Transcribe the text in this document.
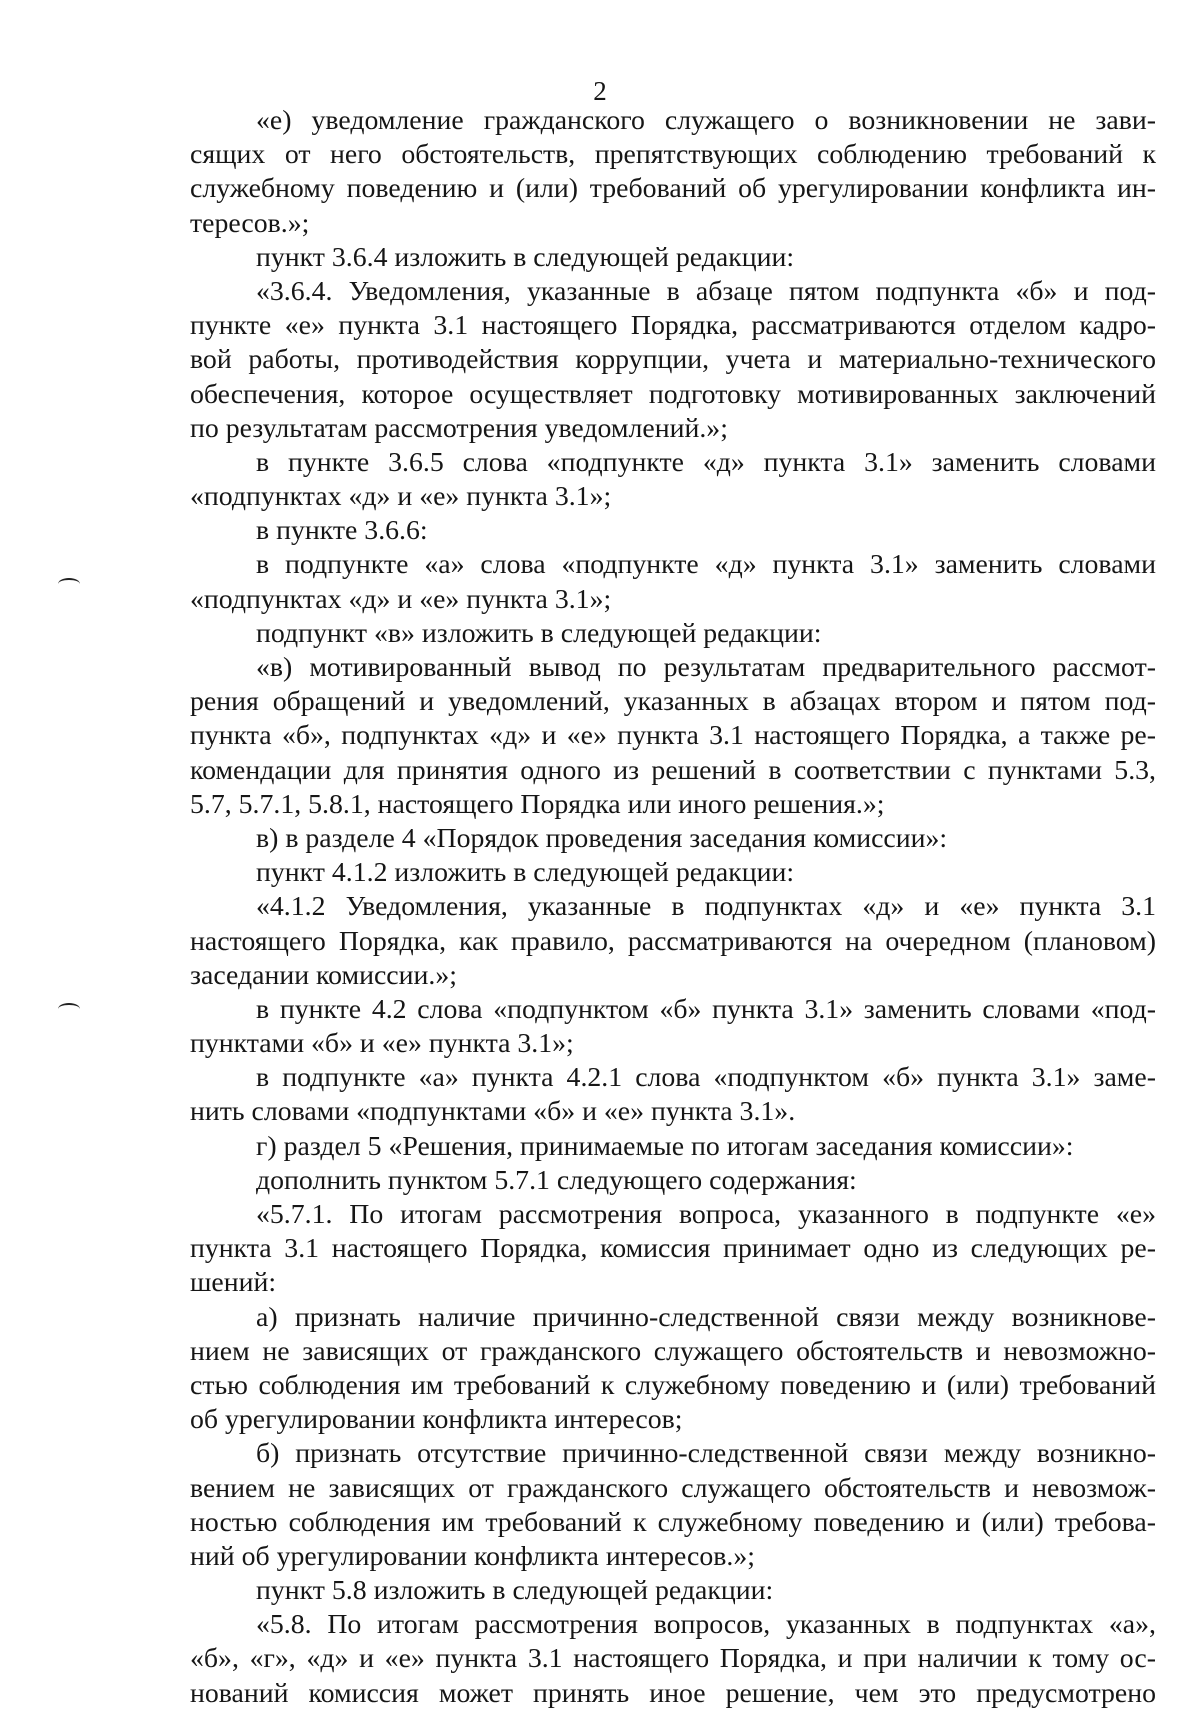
2
«е) уведомление гражданского служащего о возникновении не зави-
сящих от него обстоятельств, препятствующих соблюдению требований к
служебному поведению и (или) требований об урегулировании конфликта ин-
тересов.»;
пункт 3.6.4 изложить в следующей редакции:
«3.6.4. Уведомления, указанные в абзаце пятом подпункта «б» и под-
пункте «е» пункта 3.1 настоящего Порядка, рассматриваются отделом кадро-
вой работы, противодействия коррупции, учета и материально-технического
обеспечения, которое осуществляет подготовку мотивированных заключений
по результатам рассмотрения уведомлений.»;
в пункте 3.6.5 слова «подпункте «д» пункта 3.1» заменить словами
«подпунктах «д» и «е» пункта 3.1»;
в пункте 3.6.6:
в подпункте «а» слова «подпункте «д» пункта 3.1» заменить словами
«подпунктах «д» и «е» пункта 3.1»;
подпункт «в» изложить в следующей редакции:
«в) мотивированный вывод по результатам предварительного рассмот-
рения обращений и уведомлений, указанных в абзацах втором и пятом под-
пункта «б», подпунктах «д» и «е» пункта 3.1 настоящего Порядка, а также ре-
комендации для принятия одного из решений в соответствии с пунктами 5.3,
5.7, 5.7.1, 5.8.1, настоящего Порядка или иного решения.»;
в) в разделе 4 «Порядок проведения заседания комиссии»:
пункт 4.1.2 изложить в следующей редакции:
«4.1.2 Уведомления, указанные в подпунктах «д» и «е» пункта 3.1
настоящего Порядка, как правило, рассматриваются на очередном (плановом)
заседании комиссии.»;
в пункте 4.2 слова «подпунктом «б» пункта 3.1» заменить словами «под-
пунктами «б» и «е» пункта 3.1»;
в подпункте «а» пункта 4.2.1 слова «подпунктом «б» пункта 3.1» заме-
нить словами «подпунктами «б» и «е» пункта 3.1».
г) раздел 5 «Решения, принимаемые по итогам заседания комиссии»:
дополнить пунктом 5.7.1 следующего содержания:
«5.7.1. По итогам рассмотрения вопроса, указанного в подпункте «е»
пункта 3.1 настоящего Порядка, комиссия принимает одно из следующих ре-
шений:
а) признать наличие причинно-следственной связи между возникнове-
нием не зависящих от гражданского служащего обстоятельств и невозможно-
стью соблюдения им требований к служебному поведению и (или) требований
об урегулировании конфликта интересов;
б) признать отсутствие причинно-следственной связи между возникно-
вением не зависящих от гражданского служащего обстоятельств и невозмож-
ностью соблюдения им требований к служебному поведению и (или) требова-
ний об урегулировании конфликта интересов.»;
пункт 5.8 изложить в следующей редакции:
«5.8. По итогам рассмотрения вопросов, указанных в подпунктах «а»,
«б», «г», «д» и «е» пункта 3.1 настоящего Порядка, и при наличии к тому ос-
нований комиссия может принять иное решение, чем это предусмотрено
